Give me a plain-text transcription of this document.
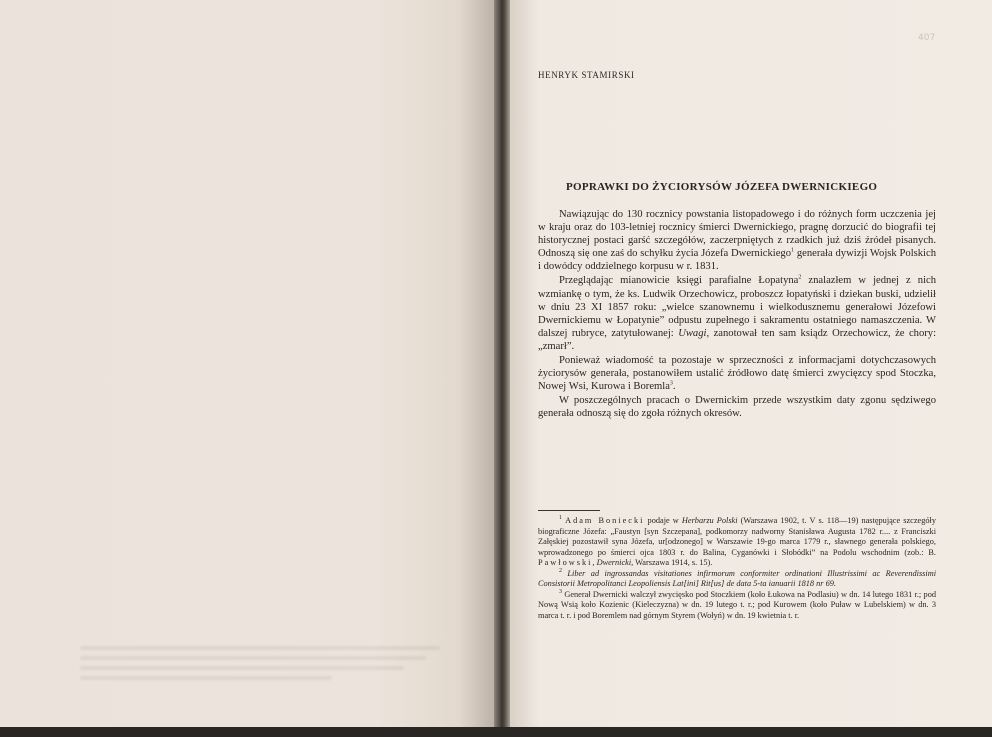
407
HENRYK STAMIRSKI
POPRAWKI DO ŻYCIORYSÓW JÓZEFA DWERNICKIEGO

Nawiązując do 130 rocznicy powstania listopadowego i do różnych form uczczenia jej w kraju oraz do 103-letniej rocznicy śmierci Dwernickiego, pragnę dorzucić do biografii tej historycznej postaci garść szczegółów, zaczerpniętych z rzadkich już dziś źródeł pisanych. Odnoszą się one zaś do schyłku życia Józefa Dwernickiego$^1$ generała dywizji Wojsk Polskich i dowódcy oddzielnego korpusu w r. 1831.

Przeglądając mianowicie księgi parafialne Łopatyna$^2$ znalazłem w jednej z nich wzmiankę o tym, że ks. Ludwik Orzechowicz, proboszcz łopatyński i dziekan buski, udzielił w dniu 23 XI 1857 roku: „wielce szanownemu i wielkodusznemu generałowi Józefowi Dwernickiemu w Łopatynie” odpustu zupełnego i sakramentu ostatniego namaszczenia. W dalszej rubryce, zatytułowanej: Uwagi, zanotował ten sam ksiądz Orzechowicz, że chory: „zmarł”.

Ponieważ wiadomość ta pozostaje w sprzeczności z informacjami dotychczasowych życiorysów generała, postanowiłem ustalić źródłowo datę śmierci zwycięzcy spod Stoczka, Nowej Wsi, Kurowa i Boremla$^3$.

W poszczególnych pracach o Dwernickim przede wszystkim daty zgonu sędziwego generała odnoszą się do zgoła różnych okresów.

$^1$ Adam Boniecki podaje w Herbarzu Polski (Warszawa 1902, t. V s. 118—19) następujące szczegóły biograficzne Józefa: „Faustyn [syn Szczepana], podkomorzy nadworny Stanisława Augusta 1782 r.... z Franciszki Załęskiej pozostawił syna Józefa, ur[odzonego] w Warszawie 19-go marca 1779 r., sławnego generała polskiego, wprowadzonego po śmierci ojca 1803 r. do Balina, Cyganówki i Słobódki” na Podolu wschodnim (zob.: B. Pawłowski, Dwernicki, Warszawa 1914, s. 15).

$^2$ Liber ad ingrossandas visitationes infirmorum conformiter ordinationi Illustrissimi ac Reverendissimi Consistorii Metropolitanci Leopoliensis Lat[ini] Rit[us] de data 5-ta ianuarii 1818 nr 69.

$^3$ Generał Dwernicki walczył zwycięsko pod Stoczkiem (koło Łukowa na Podlasiu) w dn. 14 lutego 1831 r.; pod Nową Wsią koło Kozienic (Kieleczyzna) w dn. 19 lutego t. r.; pod Kurowem (koło Puław w Lubelskiem) w dn. 3 marca t. r. i pod Boremlem nad górnym Styrem (Wołyń) w dn. 19 kwietnia t. r.
